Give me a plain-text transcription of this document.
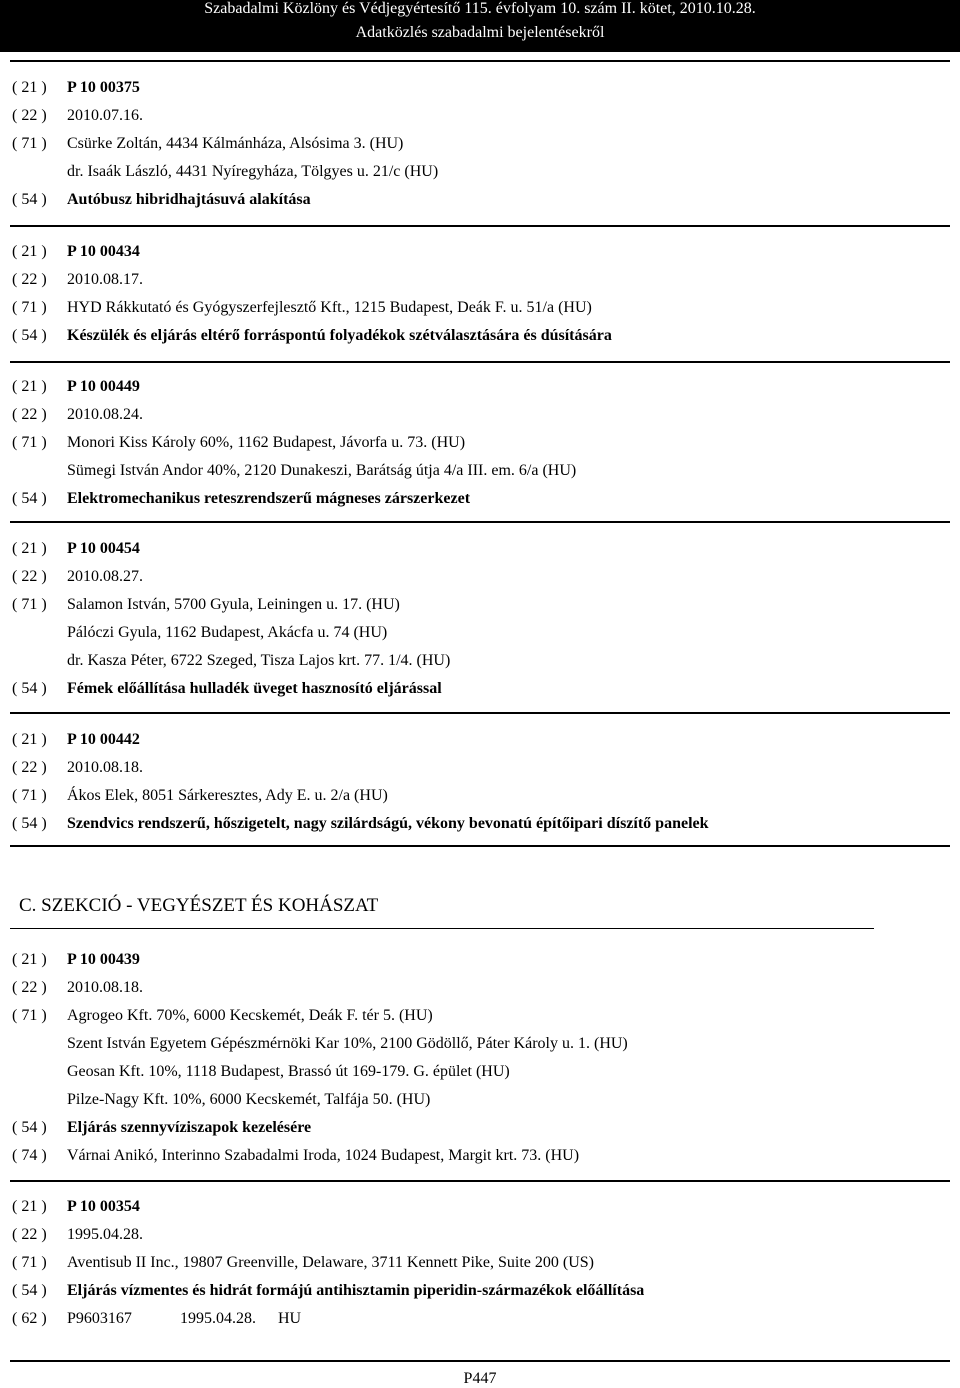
Szabadalmi Közlöny és Védjegyértesítő 115. évfolyam 10. szám II. kötet, 2010.10.28.
Adatközlés szabadalmi bejelentésekről
( 21 )	P 10 00375
( 22 )	2010.07.16.
( 71 )	Csürke Zoltán, 4434 Kálmánháza, Alsósima 3. (HU)
dr. Isaák László, 4431 Nyíregyháza, Tölgyes u. 21/c (HU)
( 54 )	Autóbusz hibridhajtásuvá alakítása
( 21 )	P 10 00434
( 22 )	2010.08.17.
( 71 )	HYD Rákkutató és Gyógyszerfejlesztő Kft., 1215 Budapest, Deák F. u. 51/a (HU)
( 54 )	Készülék és eljárás eltérő forráspontú folyadékok szétválasztására és dúsítására
( 21 )	P 10 00449
( 22 )	2010.08.24.
( 71 )	Monori Kiss Károly 60%, 1162 Budapest, Jávorfa u. 73. (HU)
Sümegi István Andor 40%, 2120 Dunakeszi, Barátság útja 4/a III. em. 6/a (HU)
( 54 )	Elektromechanikus reteszrendszerű mágneses zárszerkezet
( 21 )	P 10 00454
( 22 )	2010.08.27.
( 71 )	Salamon István, 5700 Gyula, Leiningen u. 17. (HU)
Pálóczi Gyula, 1162 Budapest, Akácfa u. 74 (HU)
dr. Kasza Péter, 6722 Szeged, Tisza Lajos krt. 77. 1/4. (HU)
( 54 )	Fémek előállítása hulladék üveget hasznosító eljárással
( 21 )	P 10 00442
( 22 )	2010.08.18.
( 71 )	Ákos Elek, 8051 Sárkeresztes, Ady E. u. 2/a (HU)
( 54 )	Szendvics rendszerű, hőszigetelt, nagy szilárdságú, vékony bevonatú építőipari díszítő panelek
C. SZEKCIÓ - VEGYÉSZET ÉS KOHÁSZAT
( 21 )	P 10 00439
( 22 )	2010.08.18.
( 71 )	Agrogeo Kft. 70%, 6000 Kecskemét, Deák F. tér 5. (HU)
Szent István Egyetem Gépészmérnöki Kar 10%, 2100 Gödöllő, Páter Károly u. 1. (HU)
Geosan Kft. 10%, 1118 Budapest, Brassó út 169-179. G. épület (HU)
Pilze-Nagy Kft. 10%, 6000 Kecskemét, Talfája 50. (HU)
( 54 )	Eljárás szennyvíziszapok kezelésére
( 74 )	Várnai Anikó, Interinno Szabadalmi Iroda, 1024 Budapest, Margit krt. 73. (HU)
( 21 )	P 10 00354
( 22 )	1995.04.28.
( 71 )	Aventisub II Inc., 19807 Greenville, Delaware, 3711 Kennett Pike, Suite 200 (US)
( 54 )	Eljárás vízmentes és hidrát formájú antihisztamin piperidin-származékok előállítása
( 62 )	P9603167	1995.04.28. HU
P447
